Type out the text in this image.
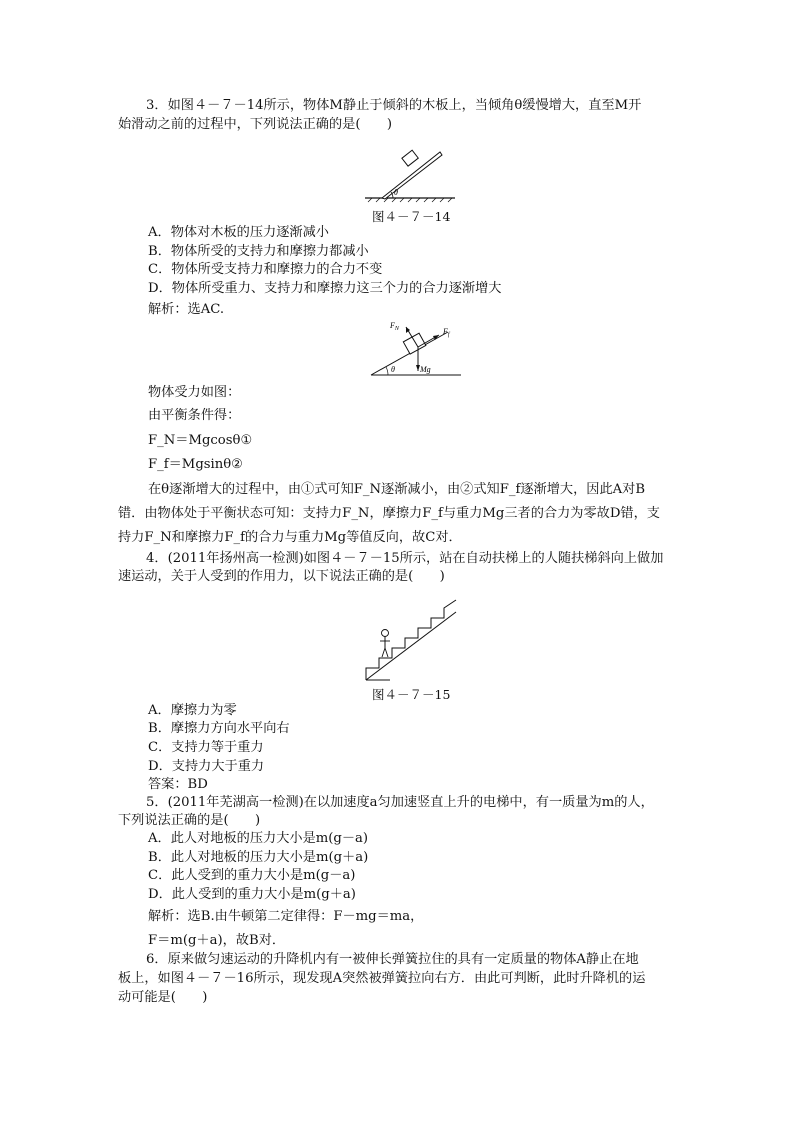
3．如图４－７－14所示，物体M静止于倾斜的木板上，当倾角θ缓慢增大，直至M开
始滑动之前的过程中，下列说法正确的是(　　)
θ
图４－７－14
A．物体对木板的压力逐渐减小
B．物体所受的支持力和摩擦力都减小
C．物体所受支持力和摩擦力的合力不变
D．物体所受重力、支持力和摩擦力这三个力的合力逐渐增大
解析：选AC.
θ
$F_N$	$F_f$
Mg
物体受力如图：
由平衡条件得：
F_N＝Mgcosθ①
F_f＝Mgsinθ②
在θ逐渐增大的过程中，由①式可知F_N逐渐减小，由②式知F_f逐渐增大，因此A对B
错．由物体处于平衡状态可知：支持力F_N，摩擦力F_f与重力Mg三者的合力为零故D错，支
持力F_N和摩擦力F_f的合力与重力Mg等值反向，故C对．
4．(2011年扬州高一检测)如图４－７－15所示，站在自动扶梯上的人随扶梯斜向上做加
速运动，关于人受到的作用力，以下说法正确的是(　　)
图４－７－15
A．摩擦力为零
B．摩擦力方向水平向右
C．支持力等于重力
D．支持力大于重力
答案：BD
5．(2011年芜湖高一检测)在以加速度a匀加速竖直上升的电梯中，有一质量为m的人，
下列说法正确的是(　　)
A．此人对地板的压力大小是m(g－a)
B．此人对地板的压力大小是m(g＋a)
C．此人受到的重力大小是m(g－a)
D．此人受到的重力大小是m(g＋a)
解析：选B.由牛顿第二定律得：F－mg＝ma，
F＝m(g＋a)，故B对．
6．原来做匀速运动的升降机内有一被伸长弹簧拉住的具有一定质量的物体A静止在地
板上，如图４－７－16所示，现发现A突然被弹簧拉向右方．由此可判断，此时升降机的运
动可能是(　　)
